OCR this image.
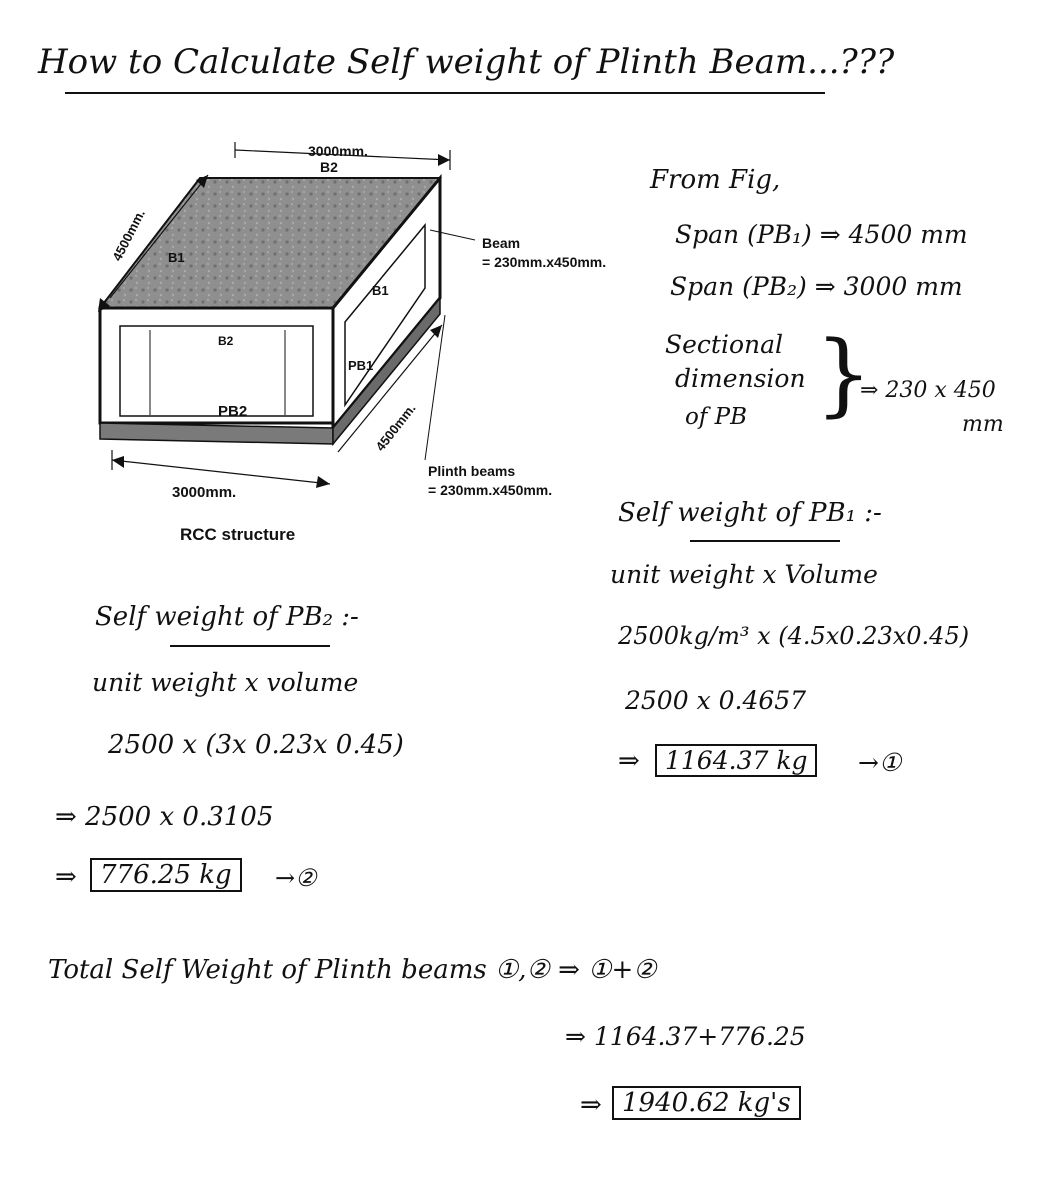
How to Calculate Self weight of Plinth Beam...???
3000mm.
B2
4500mm. B1
B1
B2
PB1
PB2	4500mm.
3000mm.
Beam
= 230mm.x450mm.
Plinth beams
= 230mm.x450mm.
RCC structure
From Fig,
Span (PB₁) ⇒ 4500 mm
Span (PB₂) ⇒ 3000 mm
Sectional
dimension
of PB }
⇒ 230 x 450
mm
Self weight of PB₁ :-
unit weight x Volume
2500kg/m³ x (4.5x0.23x0.45)
2500 x 0.4657
⇒	1164.37 kg	→①
Self weight of PB₂ :-
unit weight x volume
2500 x (3x 0.23x 0.45)
⇒ 2500 x 0.3105
⇒ 776.25 kg	→②
Total Self Weight of Plinth beams ①,② ⇒ ①+②
⇒ 1164.37+776.25
⇒ 1940.62 kg's
